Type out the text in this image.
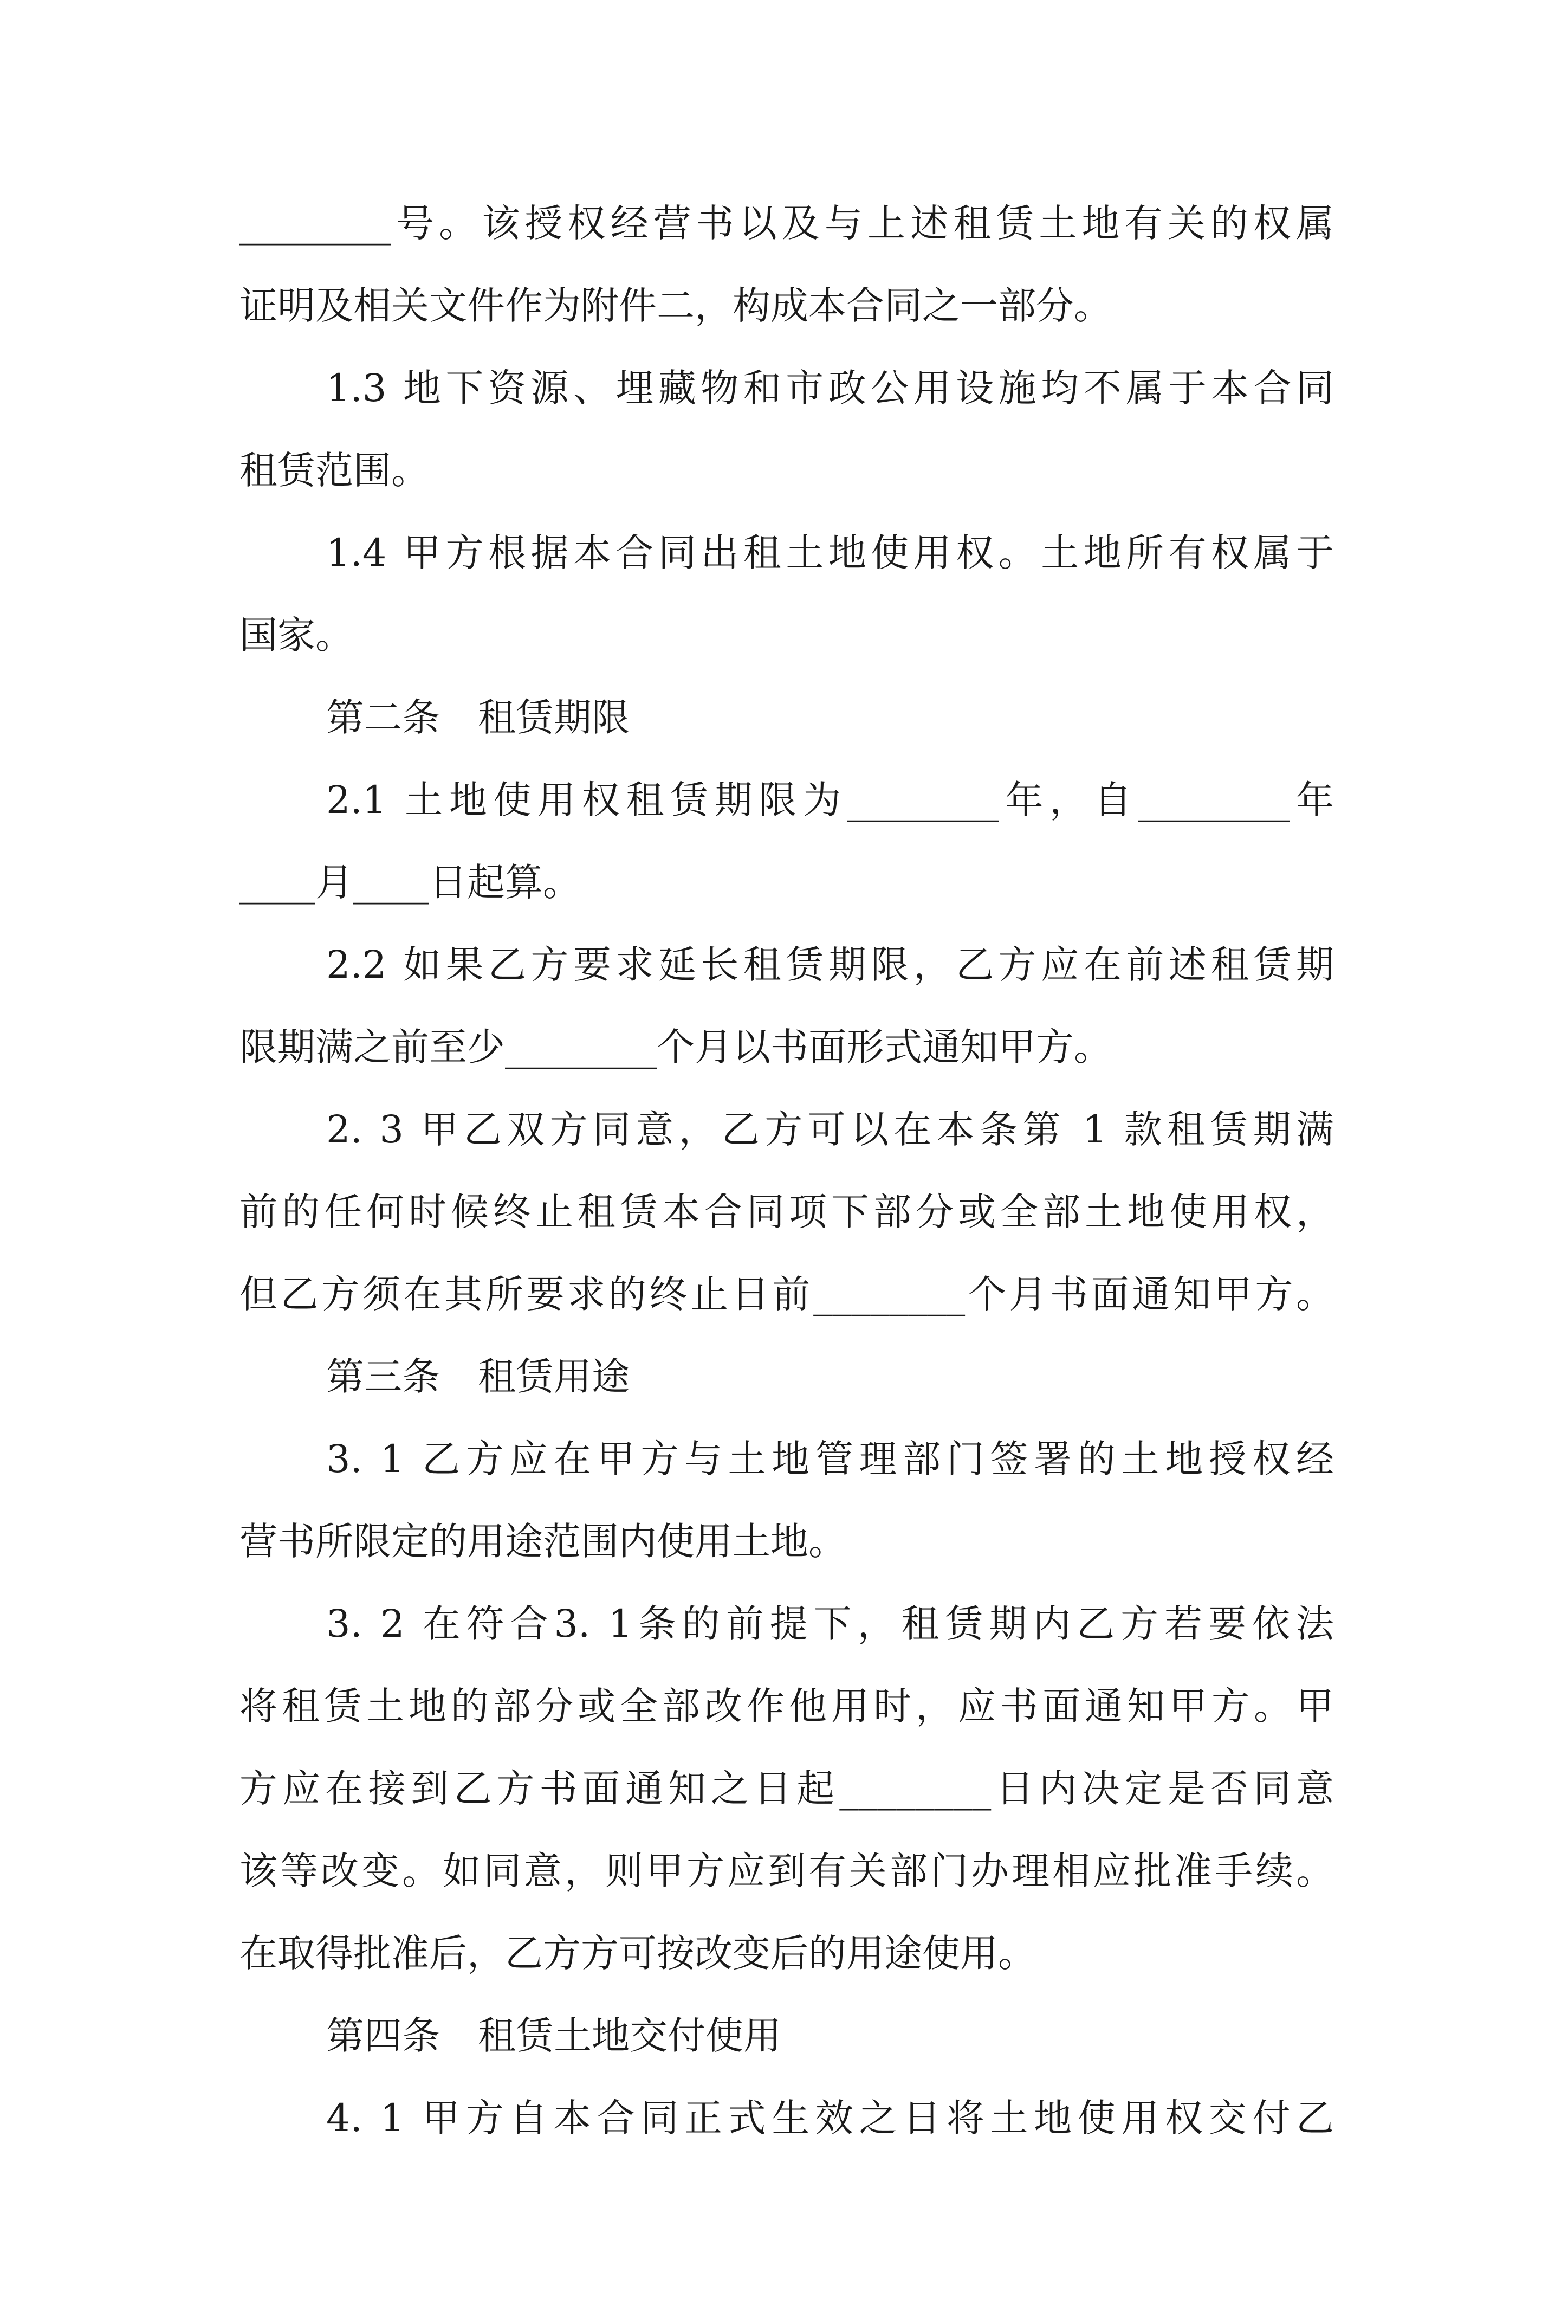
________号。该授权经营书以及与上述租赁土地有关的权属

证明及相关文件作为附件二，构成本合同之一部分。

1.3 地下资源、埋藏物和市政公用设施均不属于本合同

租赁范围。

1.4 甲方根据本合同出租土地使用权。土地所有权属于

国家。

第二条　租赁期限

2.1 土地使用权租赁期限为________年，自________年

____月____日起算。

2.2 如果乙方要求延长租赁期限，乙方应在前述租赁期

限期满之前至少________个月以书面形式通知甲方。

2. 3 甲乙双方同意，乙方可以在本条第 1 款租赁期满

前的任何时候终止租赁本合同项下部分或全部土地使用权，

但乙方须在其所要求的终止日前________个月书面通知甲方。

第三条　租赁用途

3. 1 乙方应在甲方与土地管理部门签署的土地授权经

营书所限定的用途范围内使用土地。

3. 2 在符合3. 1条的前提下，租赁期内乙方若要依法

将租赁土地的部分或全部改作他用时，应书面通知甲方。甲

方应在接到乙方书面通知之日起________日内决定是否同意

该等改变。如同意，则甲方应到有关部门办理相应批准手续。

在取得批准后，乙方方可按改变后的用途使用。

第四条　租赁土地交付使用

4. 1 甲方自本合同正式生效之日将土地使用权交付乙
